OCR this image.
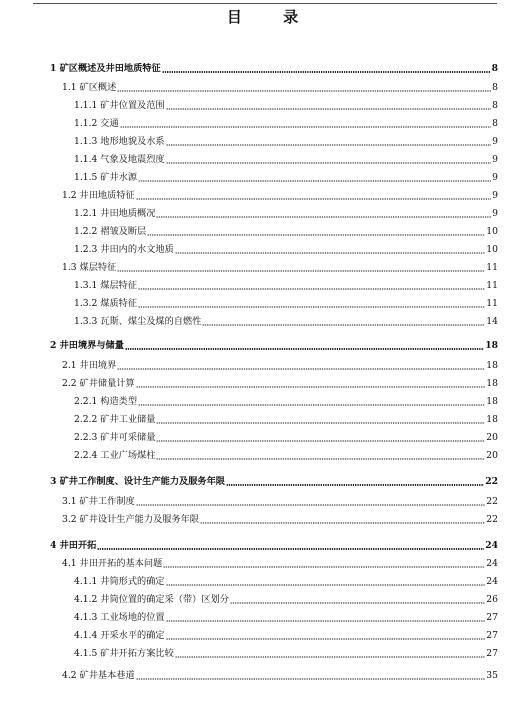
目 录
1 矿区概述及井田地质特征	8
1.1 矿区概述	8
1.1.1 矿井位置及范围	8
1.1.2 交通	8
1.1.3 地形地貌及水系	9
1.1.4 气象及地震烈度	9
1.1.5 矿井水源	9
1.2 井田地质特征	9
1.2.1 井田地质概况	9
1.2.2 褶皱及断层	10
1.2.3 井田内的水文地质	10
1.3 煤层特征	11
1.3.1 煤层特征	11
1.3.2 煤质特征	11
1.3.3 瓦斯、煤尘及煤的自燃性	14
2 井田境界与储量	18
2.1 井田境界	18
2.2 矿井储量计算	18
2.2.1 构造类型	18
2.2.2 矿井工业储量	18
2.2.3 矿井可采储量	20
2.2.4 工业广场煤柱	20
3 矿井工作制度、设计生产能力及服务年限	22
3.1 矿井工作制度	22
3.2 矿井设计生产能力及服务年限	22
4 井田开拓	24
4.1 井田开拓的基本问题	24
4.1.1 井筒形式的确定	24
4.1.2 井筒位置的确定采（带）区划分	26
4.1.3 工业场地的位置	27
4.1.4 开采水平的确定	27
4.1.5 矿井开拓方案比较	27
4.2 矿井基本巷道	35
